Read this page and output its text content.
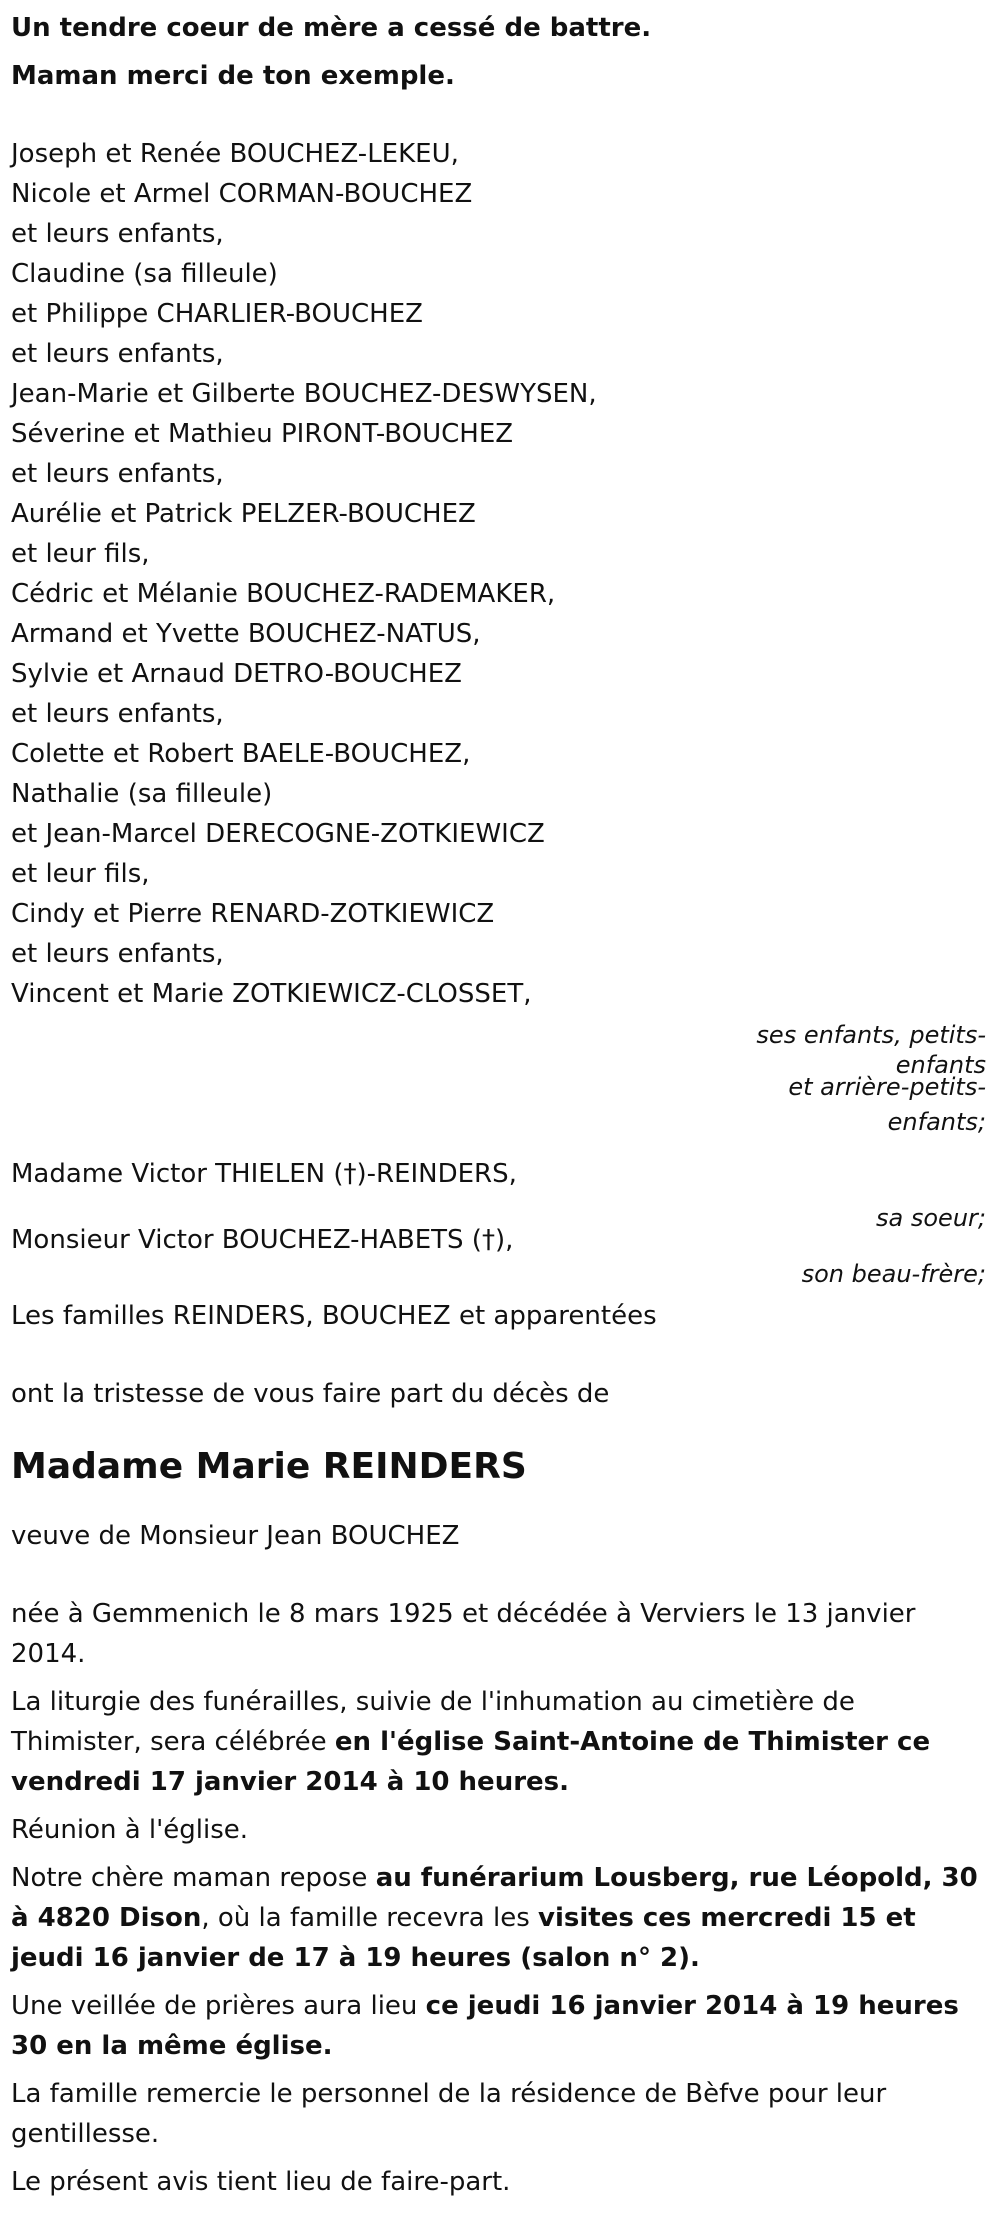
Un tendre coeur de mère a cessé de battre.
Maman merci de ton exemple.
Joseph et Renée BOUCHEZ-LEKEU,
Nicole et Armel CORMAN-BOUCHEZ
et leurs enfants,
Claudine (sa filleule)
et Philippe CHARLIER-BOUCHEZ
et leurs enfants,
Jean-Marie et Gilberte BOUCHEZ-DESWYSEN,
Séverine et Mathieu PIRONT-BOUCHEZ
et leurs enfants,
Aurélie et Patrick PELZER-BOUCHEZ
et leur fils,
Cédric et Mélanie BOUCHEZ-RADEMAKER,
Armand et Yvette BOUCHEZ-NATUS,
Sylvie et Arnaud DETRO-BOUCHEZ
et leurs enfants,
Colette et Robert BAELE-BOUCHEZ,
Nathalie (sa filleule)
et Jean-Marcel DERECOGNE-ZOTKIEWICZ
et leur fils,
Cindy et Pierre RENARD-ZOTKIEWICZ
et leurs enfants,
Vincent et Marie ZOTKIEWICZ-CLOSSET,
ses enfants, petits-
enfants
et arrière-petits-
enfants;
Madame Victor THIELEN (†)-REINDERS,
sa soeur;
Monsieur Victor BOUCHEZ-HABETS (†),
son beau-frère;
Les familles REINDERS, BOUCHEZ et apparentées
ont la tristesse de vous faire part du décès de
Madame Marie REINDERS
veuve de Monsieur Jean BOUCHEZ
née à Gemmenich le 8 mars 1925 et décédée à Verviers le 13 janvier 2014.
La liturgie des funérailles, suivie de l'inhumation au cimetière de Thimister, sera célébrée en l'église Saint-Antoine de Thimister ce vendredi 17 janvier 2014 à 10 heures.
Réunion à l'église.
Notre chère maman repose au funérarium Lousberg, rue Léopold, 30 à 4820 Dison, où la famille recevra les visites ces mercredi 15 et jeudi 16 janvier de 17 à 19 heures (salon n° 2).
Une veillée de prières aura lieu ce jeudi 16 janvier 2014 à 19 heures 30 en la même église.
La famille remercie le personnel de la résidence de Bèfve pour leur gentillesse.
Le présent avis tient lieu de faire-part.
